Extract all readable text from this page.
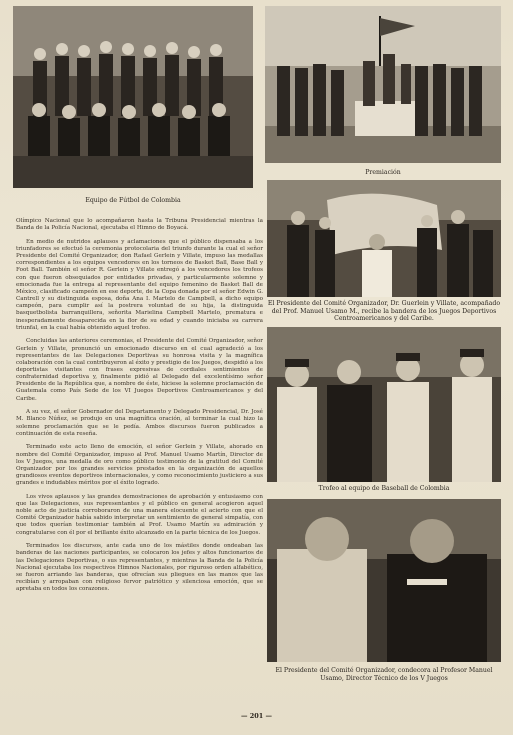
Equipo de Fútbol de Colombia
Premiación
El Presidente del Comité Organizador, Dr. Guerlein y Villate, acompañado del Prof. Manuel Usamo M., recibe la bandera de los Juegos Deportivos Centroamericanos y del Caribe.
Trofeo al equipo de Baseball de Colombia
El Presidente del Comité Organizador, condecora al Profesor Manuel Usamo, Director Técnico de los V Juegos

Olímpico Nacional que lo acompañaron hasta la Tribuna Presidencial mientras la Banda de la Policía Nacional, ejecutaba el Himno de Boyacá.

En medio de nutridos aplausos y aclamaciones que el público dispensaba a los triunfadores se efectuó la ceremonia protocolaria del triunfo durante la cual el señor Presidente del Comité Organizador, don Rafael Gerlein y Villate, impuso las medallas correspondientes a los equipos vencedores en los torneos de Basket Ball, Base Ball y Foot Ball. También el señor R. Gerlein y Villate entregó a los vencedores los trofeos con que fueron obsequiados por entidades privadas, y particularmente solemne y emocionada fue la entrega al representante del equipo femenino de Basket Ball de México, clasificado campeón en ese deporte, de la Copa donada por el señor Edwin G. Cantrell y su distinguida esposa, doña Ana I. Martelo de Campbell, a dicho equipo campeón, para cumplir así la postrera voluntad de su hija, la distinguida basquetbolista barranquillera, señorita Marielina Campbell Martelo, prematura e inesperadamente desaparecida en la flor de su edad y cuando iniciaba su carrera triunfal, en la cual había obtenido aquel trofeo.

Concluidas las anteriores ceremonias, el Presidente del Comité Organizador, señor Gerlein y Villate, pronunció un emocionado discurso en el cual agradeció a los representantes de las Delegaciones Deportivas su honrosa visita y la magnífica colaboración con la cual contribuyeron al éxito y prestigio de los Juegos, despidió a los deportistas visitantes con frases expresivas de cordiales sentimientos de confraternidad deportiva y, finalmente pidió al Delegado del excelentísimo señor Presidente de la República que, a nombre de éste, hiciese la solemne proclamación de Guatemala como País Sede de los VI Juegos Deportivos Centroamericanos y del Caribe.

A su vez, el señor Gobernador del Departamento y Delegado Presidencial, Dr. José M. Blanco Núñez, se produjo en una magnífica oración, al terminar la cual hizo la solemne proclamación que se le pedía. Ambos discursos fueron publicados a continuación de esta reseña.

Terminado este acto lleno de emoción, el señor Gerlein y Villate, ahorado en nombre del Comité Organizador, impuso al Prof. Manuel Usamo Martín, Director de los V Juegos, una medalla de oro como público testimonio de la gratitud del Comité Organizador por los grandes servicios prestados en la organización de aquellos grandiosos eventos deportivos internacionales, y como reconocimiento justiciero a sus grandes e indudables méritos por el éxito logrado.

Los vivos aplausos y las grandes demostraciones de aprobación y entusiasmo con que las Delegaciones, sus representantes y el público en general acogieron aquel noble acto de justicia corroboraron de una manera elocuente el acierto con que el Comité Organizador había sabido interpretar un sentimiento de general simpatía, con que todos querían testimoniar también al Prof. Usamo Martín su admiración y congratularse con él por el brillante éxito alcanzado en la parte técnica de los Juegos.

Terminados los discursos, ante cada uno de los mástiles donde ondeaban las banderas de las naciones participantes, se colocaron los jefes y altos funcionarios de las Delegaciones Deportivas, o sus representantes, y mientras la Banda de la Policía Nacional ejecutaba los respectivos Himnos Nacionales, por riguroso orden alfabético, se fueron arriando las banderas, que ofrecían sus pliegues en las manos que las recibían y arropaban con religioso fervor patriótico y silenciosa emoción, que se apretaba en todos los corazones.

— 201 —
